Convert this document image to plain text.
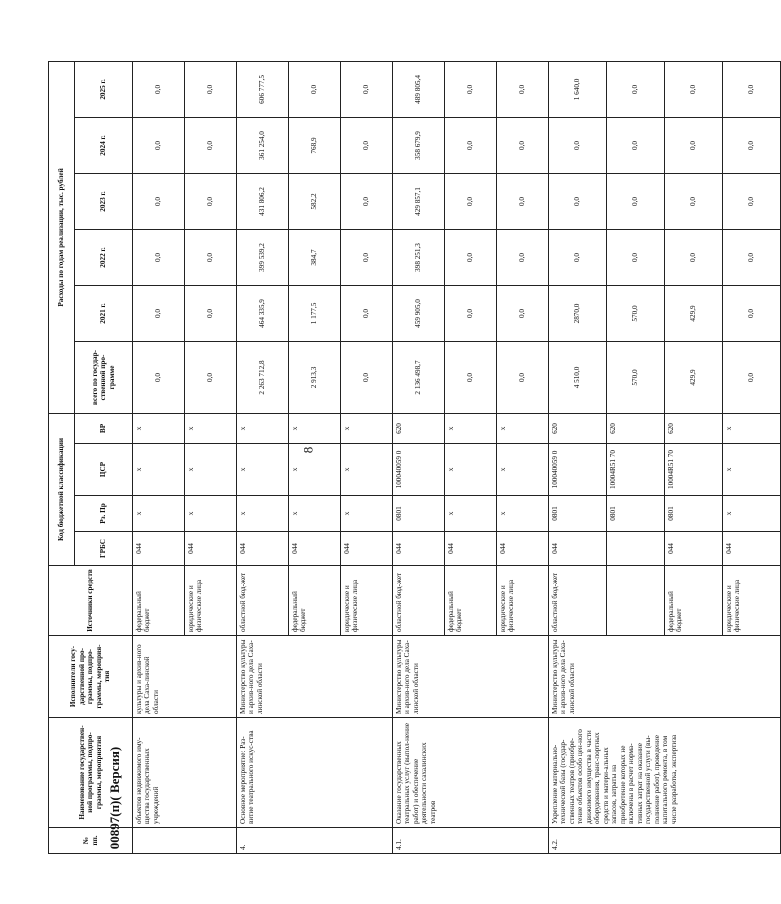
8
00897(п)( Версия)
№ пп.	Наименование государствен-ной программы, подпро-граммы, мероприятия	Исполнители госу-дарственной про-граммы, подпро-граммы, мероприя-тия	Источники средств	Код бюджетной классификации				Расходы по годам реализации, тыс. рублей					
				ГРБС	Рз. Пр	ЦСР	ВР	всего по государ-ственной про-грамме	2021 г.	2022 г.	2023 г.	2024 г.	2025 г.
	объектов недвижимого иму-щества государственных учреждений	культуры и архив-ного дела Саха-линской области	федеральный бюджет	044	х	х	х	0,0	0,0	0,0	0,0	0,0	0,0
			юридические и физические лица	044	х	х	х	0,0	0,0	0,0	0,0	0,0	0,0
4.	Основное мероприятие: Раз-витие театрального искус-ства	Министерство культуры и архив-ного дела Саха-линской области	областной бюд-жет	044	х	х	х	2 263 712,8	464 335,9	399 539,2	431 806,2	361 254,0	606 777,5
			федеральный бюджет	044	х	х	х	2 913,3	1 177,5	384,7	582,2	768,9	0,0
			юридические и физические лица	044	х	х	х	0,0	0,0	0,0	0,0	0,0	0,0
4.1.	Оказание государственных театральных услуг (выпол-нение работ) и обеспечение деятельности сахалинских театров	Министерство культуры и архив-ного дела Саха-линской области	областной бюд-жет	044	0801	100040059 0	620	2 136 498,7	459 905,0	398 251,3	429 857,1	358 679,9	489 805,4
			федеральный бюджет	044	х	х	х	0,0	0,0	0,0	0,0	0,0	0,0
			юридические и физические лица	044	х	х	х	0,0	0,0	0,0	0,0	0,0	0,0
4.2.	Укрепление материально-технической базы (государ-ственных театров (приобре-тение объектов особо цен-ного движимого имущества в части оборудования, транс-портных средств и матери-альных запасов, затраты на приобретение которых не включены в расчет норма-тивных затрат на оказание государственной услуги (вы-полнение работ), проведение капитального ремонта, в том числе разработка, экспертиза	Министерство культуры и архив-ного дела Саха-линской области	областной бюд-жет	044	0801	100040059 0	620	4 510,0	2870,0	0,0	0,0	0,0	1 640,0
					0801	10004R51 70	620	570,0	570,0	0,0	0,0	0,0	0,0
			федеральный бюджет	044	0801	10004R51 70	620	429,9	429,9	0,0	0,0	0,0	0,0
			юридические и физические лица	044	х	х	х	0,0	0,0	0,0	0,0	0,0	0,0
